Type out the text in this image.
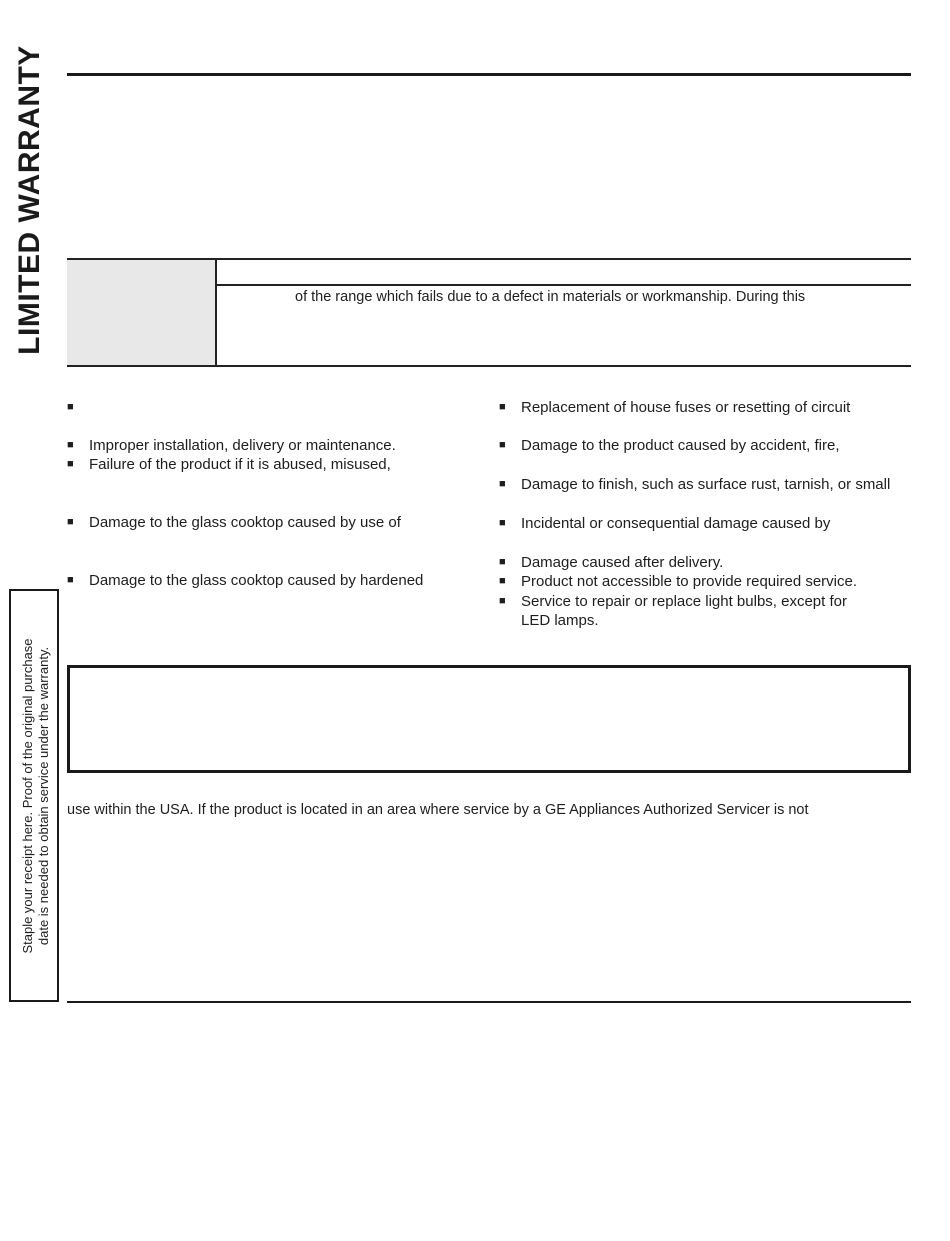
LIMITED WARRANTY	of the range which fails due to a defect in materials or workmanship. During this
■
■ Improper installation, delivery or maintenance.
■ Failure of the product if it is abused, misused,
■ Damage to the glass cooktop caused by use of
■ Damage to the glass cooktop caused by hardened
■ Replacement of house fuses or resetting of circuit
■ Damage to the product caused by accident, fire,
■ Damage to finish, such as surface rust, tarnish, or small
■ Incidental or consequential damage caused by
■ Damage caused after delivery.
■ Product not accessible to provide required service.
■ Service to repair or replace light bulbs, except for
LED lamps.
use within the USA. If the product is located in an area where service by a GE Appliances Authorized Servicer is not
Staple your receipt here. Proof of the original purchase date is needed to obtain service under the warranty.
